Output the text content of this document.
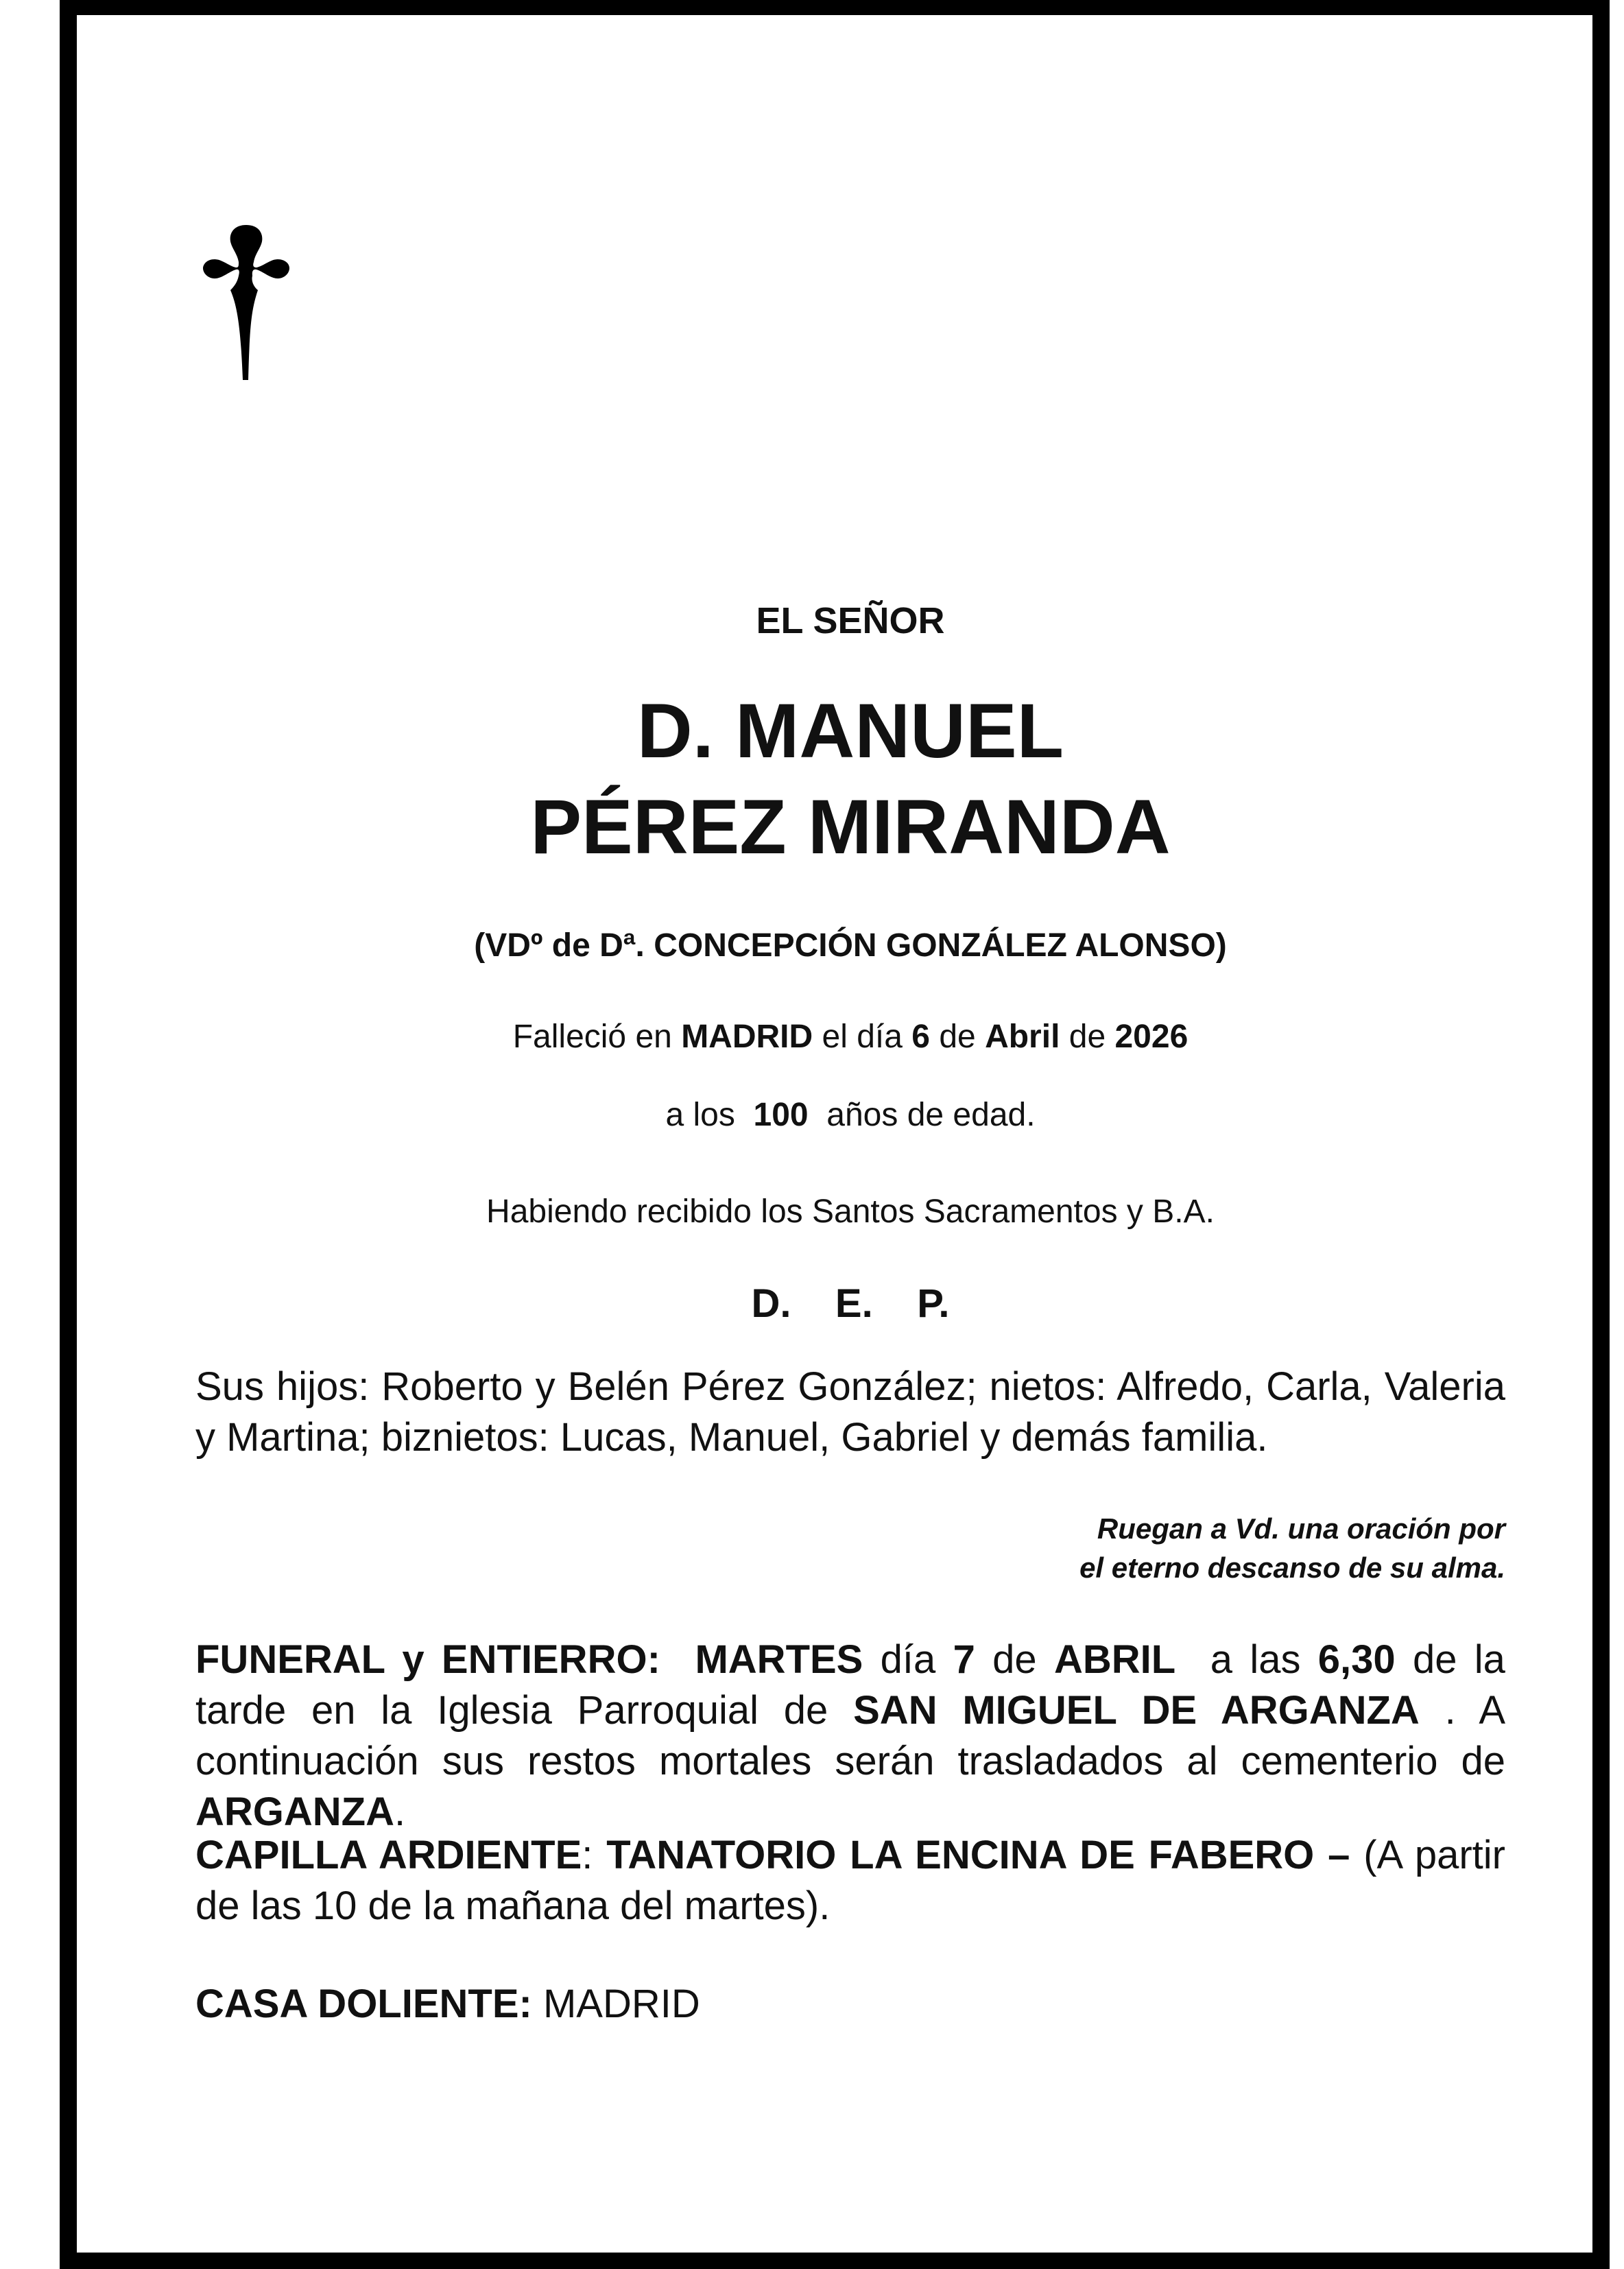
EL SEÑOR
D. MANUEL
PÉREZ MIRANDA
(VDº de Dª. CONCEPCIÓN GONZÁLEZ ALONSO)
Falleció en MADRID el día 6 de Abril de 2026
a los 100 años de edad.
Habiendo recibido los Santos Sacramentos y B.A.
D. E. P.
Sus hijos: Roberto y Belén Pérez González; nietos: Alfredo, Carla, Valeria y Martina; biznietos: Lucas, Manuel, Gabriel y demás familia.
Ruegan a Vd. una oración por
el eterno descanso de su alma.
FUNERAL y ENTIERRO: MARTES día 7 de ABRIL a las 6,30 de la tarde en la Iglesia Parroquial de SAN MIGUEL DE ARGANZA . A continuación sus restos mortales serán trasladados al cementerio de ARGANZA.
CAPILLA ARDIENTE: TANATORIO LA ENCINA DE FABERO – (A partir de las 10 de la mañana del martes).
CASA DOLIENTE: MADRID
